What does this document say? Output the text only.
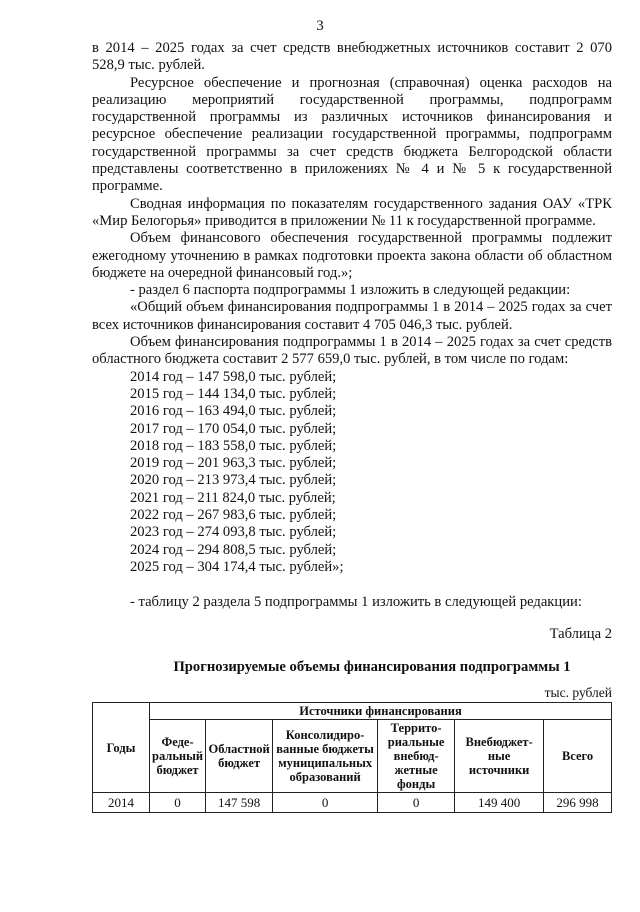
3

в 2014 – 2025 годах за счет средств внебюджетных источников составит 2 070 528,9 тыс. рублей.

Ресурсное обеспечение и прогнозная (справочная) оценка расходов на реализацию мероприятий государственной программы, подпрограмм государственной программы из различных источников финансирования и ресурсное обеспечение реализации государственной программы, подпрограмм государственной программы за счет средств бюджета Белгородской области представлены соответственно в приложениях № 4 и № 5 к государственной программе.

Сводная информация по показателям государственного задания ОАУ «ТРК «Мир Белогорья» приводится в приложении № 11 к государственной программе.

Объем финансового обеспечения государственной программы подлежит ежегодному уточнению в рамках подготовки проекта закона области об областном бюджете на очередной финансовый год.»;

- раздел 6 паспорта подпрограммы 1 изложить в следующей редакции:

«Общий объем финансирования подпрограммы 1 в 2014 – 2025 годах за счет всех источников финансирования составит 4 705 046,3 тыс. рублей.

Объем финансирования подпрограммы 1 в 2014 – 2025 годах за счет средств областного бюджета составит 2 577 659,0 тыс. рублей, в том числе по годам:

2014 год – 147 598,0 тыс. рублей;
2015 год – 144 134,0 тыс. рублей;
2016 год – 163 494,0 тыс. рублей;
2017 год – 170 054,0 тыс. рублей;
2018 год – 183 558,0 тыс. рублей;
2019 год – 201 963,3 тыс. рублей;
2020 год – 213 973,4 тыс. рублей;
2021 год – 211 824,0 тыс. рублей;
2022 год – 267 983,6 тыс. рублей;
2023 год – 274 093,8 тыс. рублей;
2024 год – 294 808,5 тыс. рублей;
2025 год – 304 174,4 тыс. рублей»;

- таблицу 2 раздела 5 подпрограммы 1 изложить в следующей редакции:

Таблица 2
Прогнозируемые объемы финансирования подпрограммы 1
тыс. рублей
Годы	Источники финансирования					
	Феде-ральный бюджет	Областной бюджет	Консолидиро-ванные бюджеты муниципальных образований	Террито-риальные внебюд-жетные фонды	Внебюджет-ные источники	Всего
2014	0	147 598	0	0	149 400	296 998
